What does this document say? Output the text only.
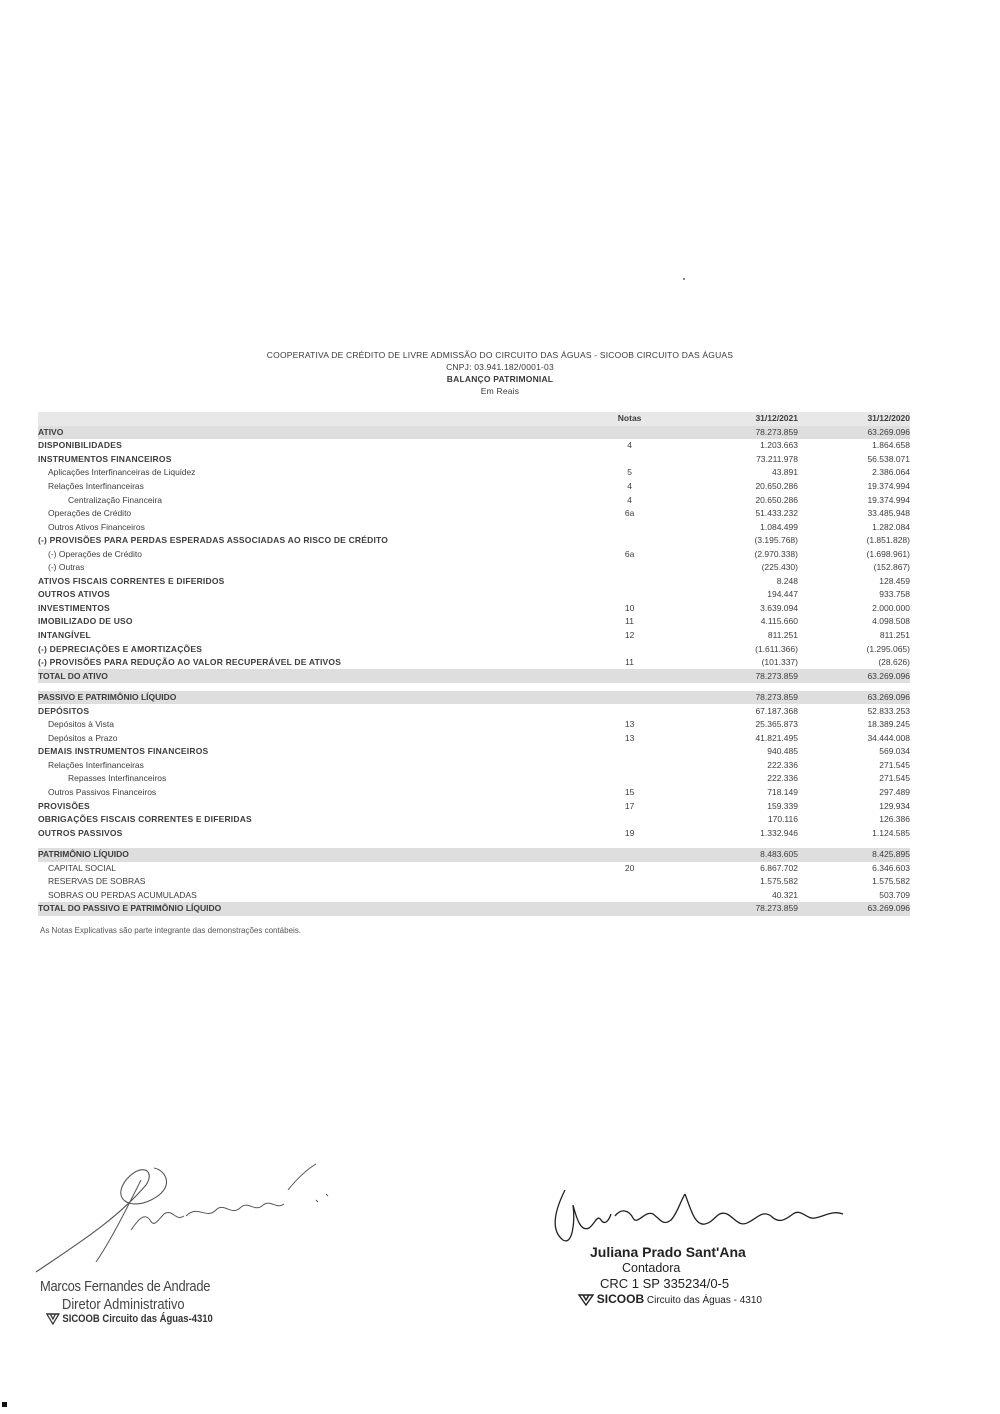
COOPERATIVA DE CRÉDITO DE LIVRE ADMISSÃO DO CIRCUITO DAS ÁGUAS - SICOOB CIRCUITO DAS ÁGUAS
CNPJ: 03.941.182/0001-03
BALANÇO PATRIMONIAL
Em Reais
	Notas	31/12/2021	31/12/2020
ATIVO		78.273.859	63.269.096
DISPONIBILIDADES	4	1.203.663	1.864.658
INSTRUMENTOS FINANCEIROS		73.211.978	56.538.071
Aplicações Interfinanceiras de Liquidez	5	43.891	2.386.064
Relações Interfinanceiras	4	20.650.286	19.374.994
Centralização Financeira	4	20.650.286	19.374.994
Operações de Crédito	6a	51.433.232	33.485.948
Outros Ativos Financeiros		1.084.499	1.282.084
(-) PROVISÕES PARA PERDAS ESPERADAS ASSOCIADAS AO RISCO DE CRÉDITO		(3.195.768)	(1.851.828)
(-) Operações de Crédito	6a	(2.970.338)	(1.698.961)
(-) Outras		(225.430)	(152.867)
ATIVOS FISCAIS CORRENTES E DIFERIDOS		8.248	128.459
OUTROS ATIVOS		194.447	933.758
INVESTIMENTOS	10	3.639.094	2.000.000
IMOBILIZADO DE USO	11	4.115.660	4.098.508
INTANGÍVEL	12	811.251	811.251
(-) DEPRECIAÇÕES E AMORTIZAÇÕES		(1.611.366)	(1.295.065)
(-) PROVISÕES PARA REDUÇÃO AO VALOR RECUPERÁVEL DE ATIVOS	11	(101.337)	(28.626)
TOTAL DO ATIVO		78.273.859	63.269.096

PASSIVO E PATRIMÔNIO LÍQUIDO		78.273.859	63.269.096
DEPÓSITOS		67.187.368	52.833.253
Depósitos à Vista	13	25.365.873	18.389.245
Depósitos a Prazo	13	41.821.495	34.444.008
DEMAIS INSTRUMENTOS FINANCEIROS		940.485	569.034
Relações Interfinanceiras		222.336	271.545
Repasses Interfinanceiros		222.336	271.545
Outros Passivos Financeiros	15	718.149	297.489
PROVISÕES	17	159.339	129.934
OBRIGAÇÕES FISCAIS CORRENTES E DIFERIDAS		170.116	126.386
OUTROS PASSIVOS	19	1.332.946	1.124.585

PATRIMÔNIO LÍQUIDO		8.483.605	8.425.895
CAPITAL SOCIAL	20	6.867.702	6.346.603
RESERVAS DE SOBRAS		1.575.582	1.575.582
SOBRAS OU PERDAS ACUMULADAS		40.321	503.709
TOTAL DO PASSIVO E PATRIMÔNIO LÍQUIDO		78.273.859	63.269.096
As Notas Explicativas são parte integrante das demonstrações contábeis.
Marcos Fernandes de Andrade
Diretor Administrativo
SICOOB Circuito das Águas-4310
Juliana Prado Sant'Ana
Contadora
CRC 1 SP 335234/0-5
SICOOB Circuito das Águas - 4310
